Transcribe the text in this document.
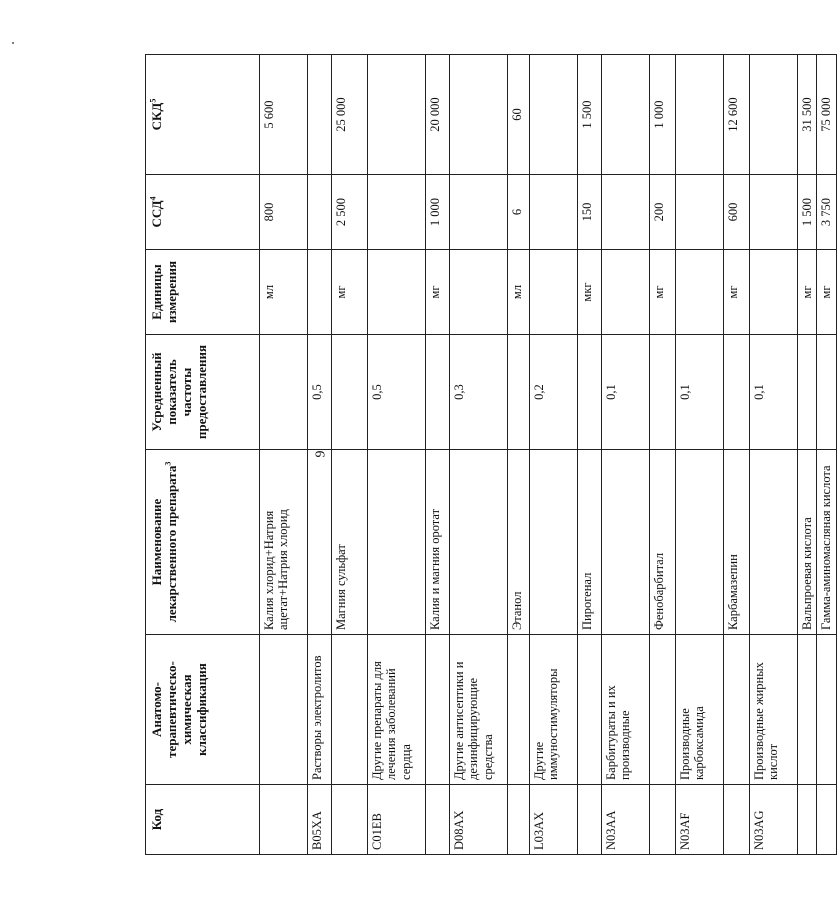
9
Код	Анатомо-терапевтическо-химическая классификация	Наименование лекарственного препарата$^3$	Усредненный показатель частоты предоставления	Единицы измерения	ССД$^4$	СКД$^5$
		Калия хлорид+Натрия ацетат+Натрия хлорид		мл	800	5 600
B05XA	Растворы электролитов		0,5			
		Магния сульфат		мг	2 500	25 000
C01EB	Другие препараты для лечения заболеваний сердца		0,5			
		Калия и магния оротат		мг	1 000	20 000
D08AX	Другие антисептики и дезинфицирующие средства		0,3			
		Этанол		мл	6	60
L03AX	Другие иммуностимуляторы		0,2			
		Пирогенал		мкг	150	1 500
N03AA	Барбитураты и их производные		0,1			
		Фенобарбитал		мг	200	1 000
N03AF	Производные карбоксамида		0,1			
		Карбамазепин		мг	600	12 600
N03AG	Производные жирных кислот		0,1			
		Вальпроевая кислота		мг	1 500	31 500
		Гамма-аминомасляная кислота		мг	3 750	75 000
